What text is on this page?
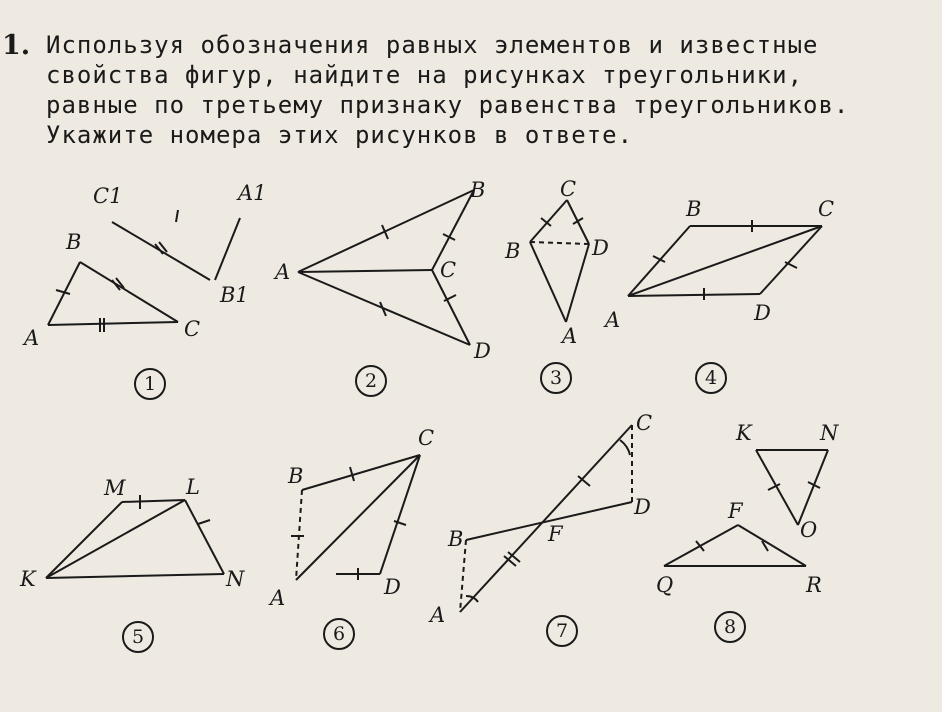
1. Используя обозначения равных элементов и известные
свойства фигур, найдите на рисунках треугольники,
равные по третьему признаку равенства треугольников.
Укажите номера этих рисунков в ответе.
C1	A1
B
B1
A	C
1
B
A	C
D
2
C
B	D
A
3
B	C
A	D
4
M	L
K	N
5
C
B
A	D
6
C
D
B	F
A
7
K	N
O
F
Q	R
8
